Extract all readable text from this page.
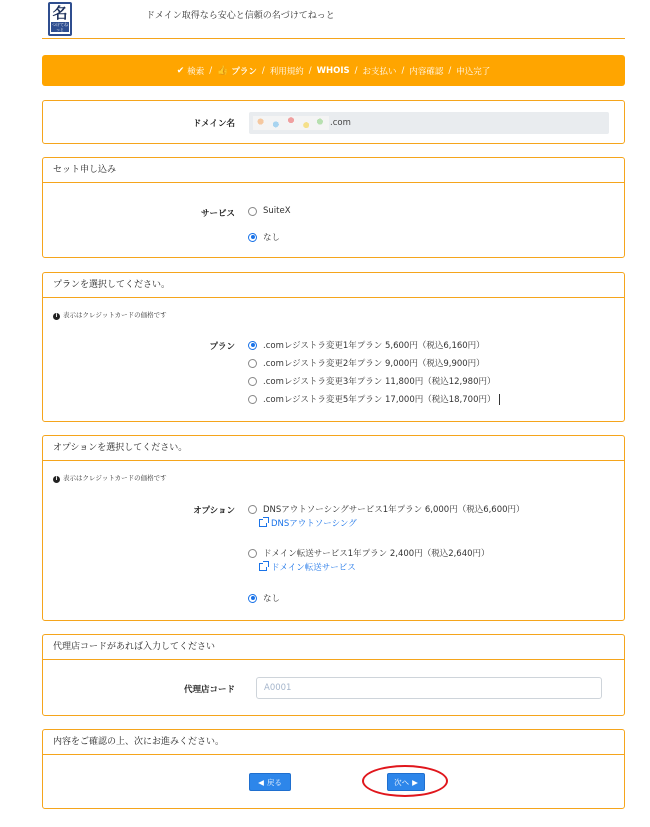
名
つけてねっと
ドメイン取得なら安心と信頼の名づけてねっと
✔ 検索 / 👍 プラン / 利用規約 / WHOIS / お支払い / 内容確認 / 申込完了
ドメイン名	.com
セット申し込み
サービス	SuiteX
なし
プランを選択してください。
i 表示はクレジットカードの価格です
プラン	.comレジストラ変更1年プラン 5,600円（税込6,160円）
.comレジストラ変更2年プラン 9,000円（税込9,900円）
.comレジストラ変更3年プラン 11,800円（税込12,980円）
.comレジストラ変更5年プラン 17,000円（税込18,700円）
オプションを選択してください。
i 表示はクレジットカードの価格です
オプション	DNSアウトソーシングサービス1年プラン 6,000円（税込6,600円）
DNSアウトソーシング
ドメイン転送サービス1年プラン 2,400円（税込2,640円）
ドメイン転送サービス
なし
代理店コードがあれば入力してください
代理店コード	A0001
内容をご確認の上、次にお進みください。
◀ 戻る	次へ ▶
